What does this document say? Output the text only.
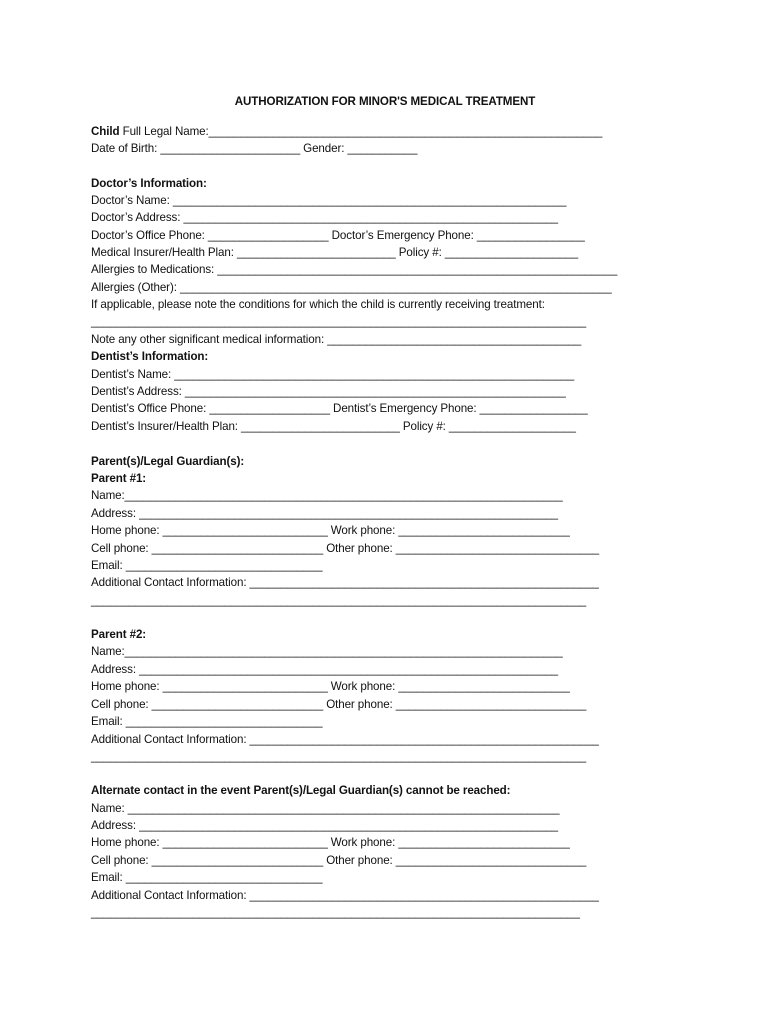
AUTHORIZATION FOR MINOR'S MEDICAL TREATMENT
Child Full Legal Name:______________________________________________________________
Date of Birth: ______________________ Gender: ___________
Doctor’s Information:
Doctor’s Name: ______________________________________________________________
Doctor’s Address: ___________________________________________________________
Doctor’s Office Phone: ___________________ Doctor’s Emergency Phone: _________________
Medical Insurer/Health Plan: _________________________ Policy #: _____________________
Allergies to Medications: _______________________________________________________________
Allergies (Other): ____________________________________________________________________
If applicable, please note the conditions for which the child is currently receiving treatment:
______________________________________________________________________________
Note any other significant medical information: ________________________________________
Dentist’s Information:
Dentist’s Name: _______________________________________________________________
Dentist’s Address: ____________________________________________________________
Dentist’s Office Phone: ___________________ Dentist’s Emergency Phone: _________________
Dentist’s Insurer/Health Plan: _________________________ Policy #: ____________________
Parent(s)/Legal Guardian(s):
Parent #1:
Name:_____________________________________________________________________
Address: __________________________________________________________________
Home phone: __________________________ Work phone: ___________________________
Cell phone: ___________________________ Other phone: ________________________________
Email: _______________________________
Additional Contact Information: _______________________________________________________
______________________________________________________________________________
Parent #2:
Name:_____________________________________________________________________
Address: __________________________________________________________________
Home phone: __________________________ Work phone: ___________________________
Cell phone: ___________________________ Other phone: ______________________________
Email: _______________________________
Additional Contact Information: _______________________________________________________
______________________________________________________________________________
Alternate contact in the event Parent(s)/Legal Guardian(s) cannot be reached:
Name: ____________________________________________________________________
Address: __________________________________________________________________
Home phone: __________________________ Work phone: ___________________________
Cell phone: ___________________________ Other phone: ______________________________
Email: _______________________________
Additional Contact Information: _______________________________________________________
_____________________________________________________________________________
